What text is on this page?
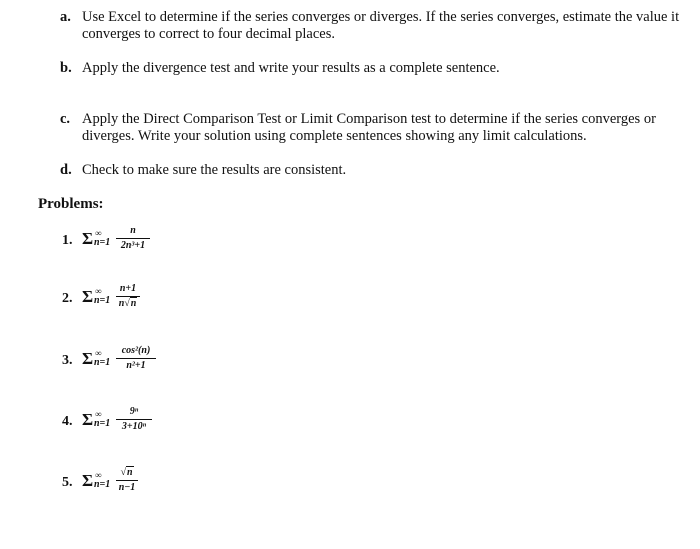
a. Use Excel to determine if the series converges or diverges. If the series converges, estimate the value it converges to correct to four decimal places.
b. Apply the divergence test and write your results as a complete sentence.
c. Apply the Direct Comparison Test or Limit Comparison test to determine if the series converges or diverges. Write your solution using complete sentences showing any limit calculations.
d. Check to make sure the results are consistent.
Problems:
1. Σ ∞
n=1
n
2n³+1
2. Σ ∞
n=1
n+1
n√n
3. Σ ∞
n=1
cos²(n)
n²+1
4. Σ ∞
n=1
9ⁿ
3+10ⁿ
5. Σ ∞
n=1
√n
n−1
